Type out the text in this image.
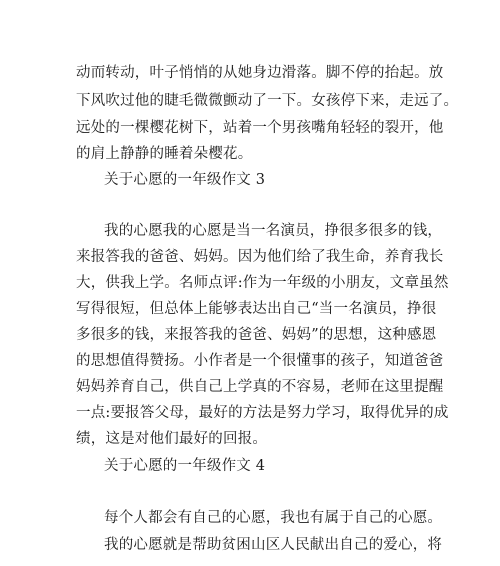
动而转动，叶子悄悄的从她身边滑落。脚不停的抬起。放
下风吹过他的睫毛微微颤动了一下。女孩停下来，走远了。
远处的一棵樱花树下，站着一个男孩嘴角轻轻的裂开，他
的肩上静静的睡着朵樱花。
关于心愿的一年级作文 3
我的心愿我的心愿是当一名演员，挣很多很多的钱，
来报答我的爸爸、妈妈。因为他们给了我生命，养育我长
大，供我上学。名师点评:作为一年级的小朋友，文章虽然
写得很短，但总体上能够表达出自己“当一名演员，挣很
多很多的钱，来报答我的爸爸、妈妈”的思想，这种感恩
的思想值得赞扬。小作者是一个很懂事的孩子，知道爸爸
妈妈养育自己，供自己上学真的不容易，老师在这里提醒
一点:要报答父母，最好的方法是努力学习，取得优异的成
绩，这是对他们最好的回报。
关于心愿的一年级作文 4
每个人都会有自己的心愿，我也有属于自己的心愿。
我的心愿就是帮助贫困山区人民献出自己的爱心，将
